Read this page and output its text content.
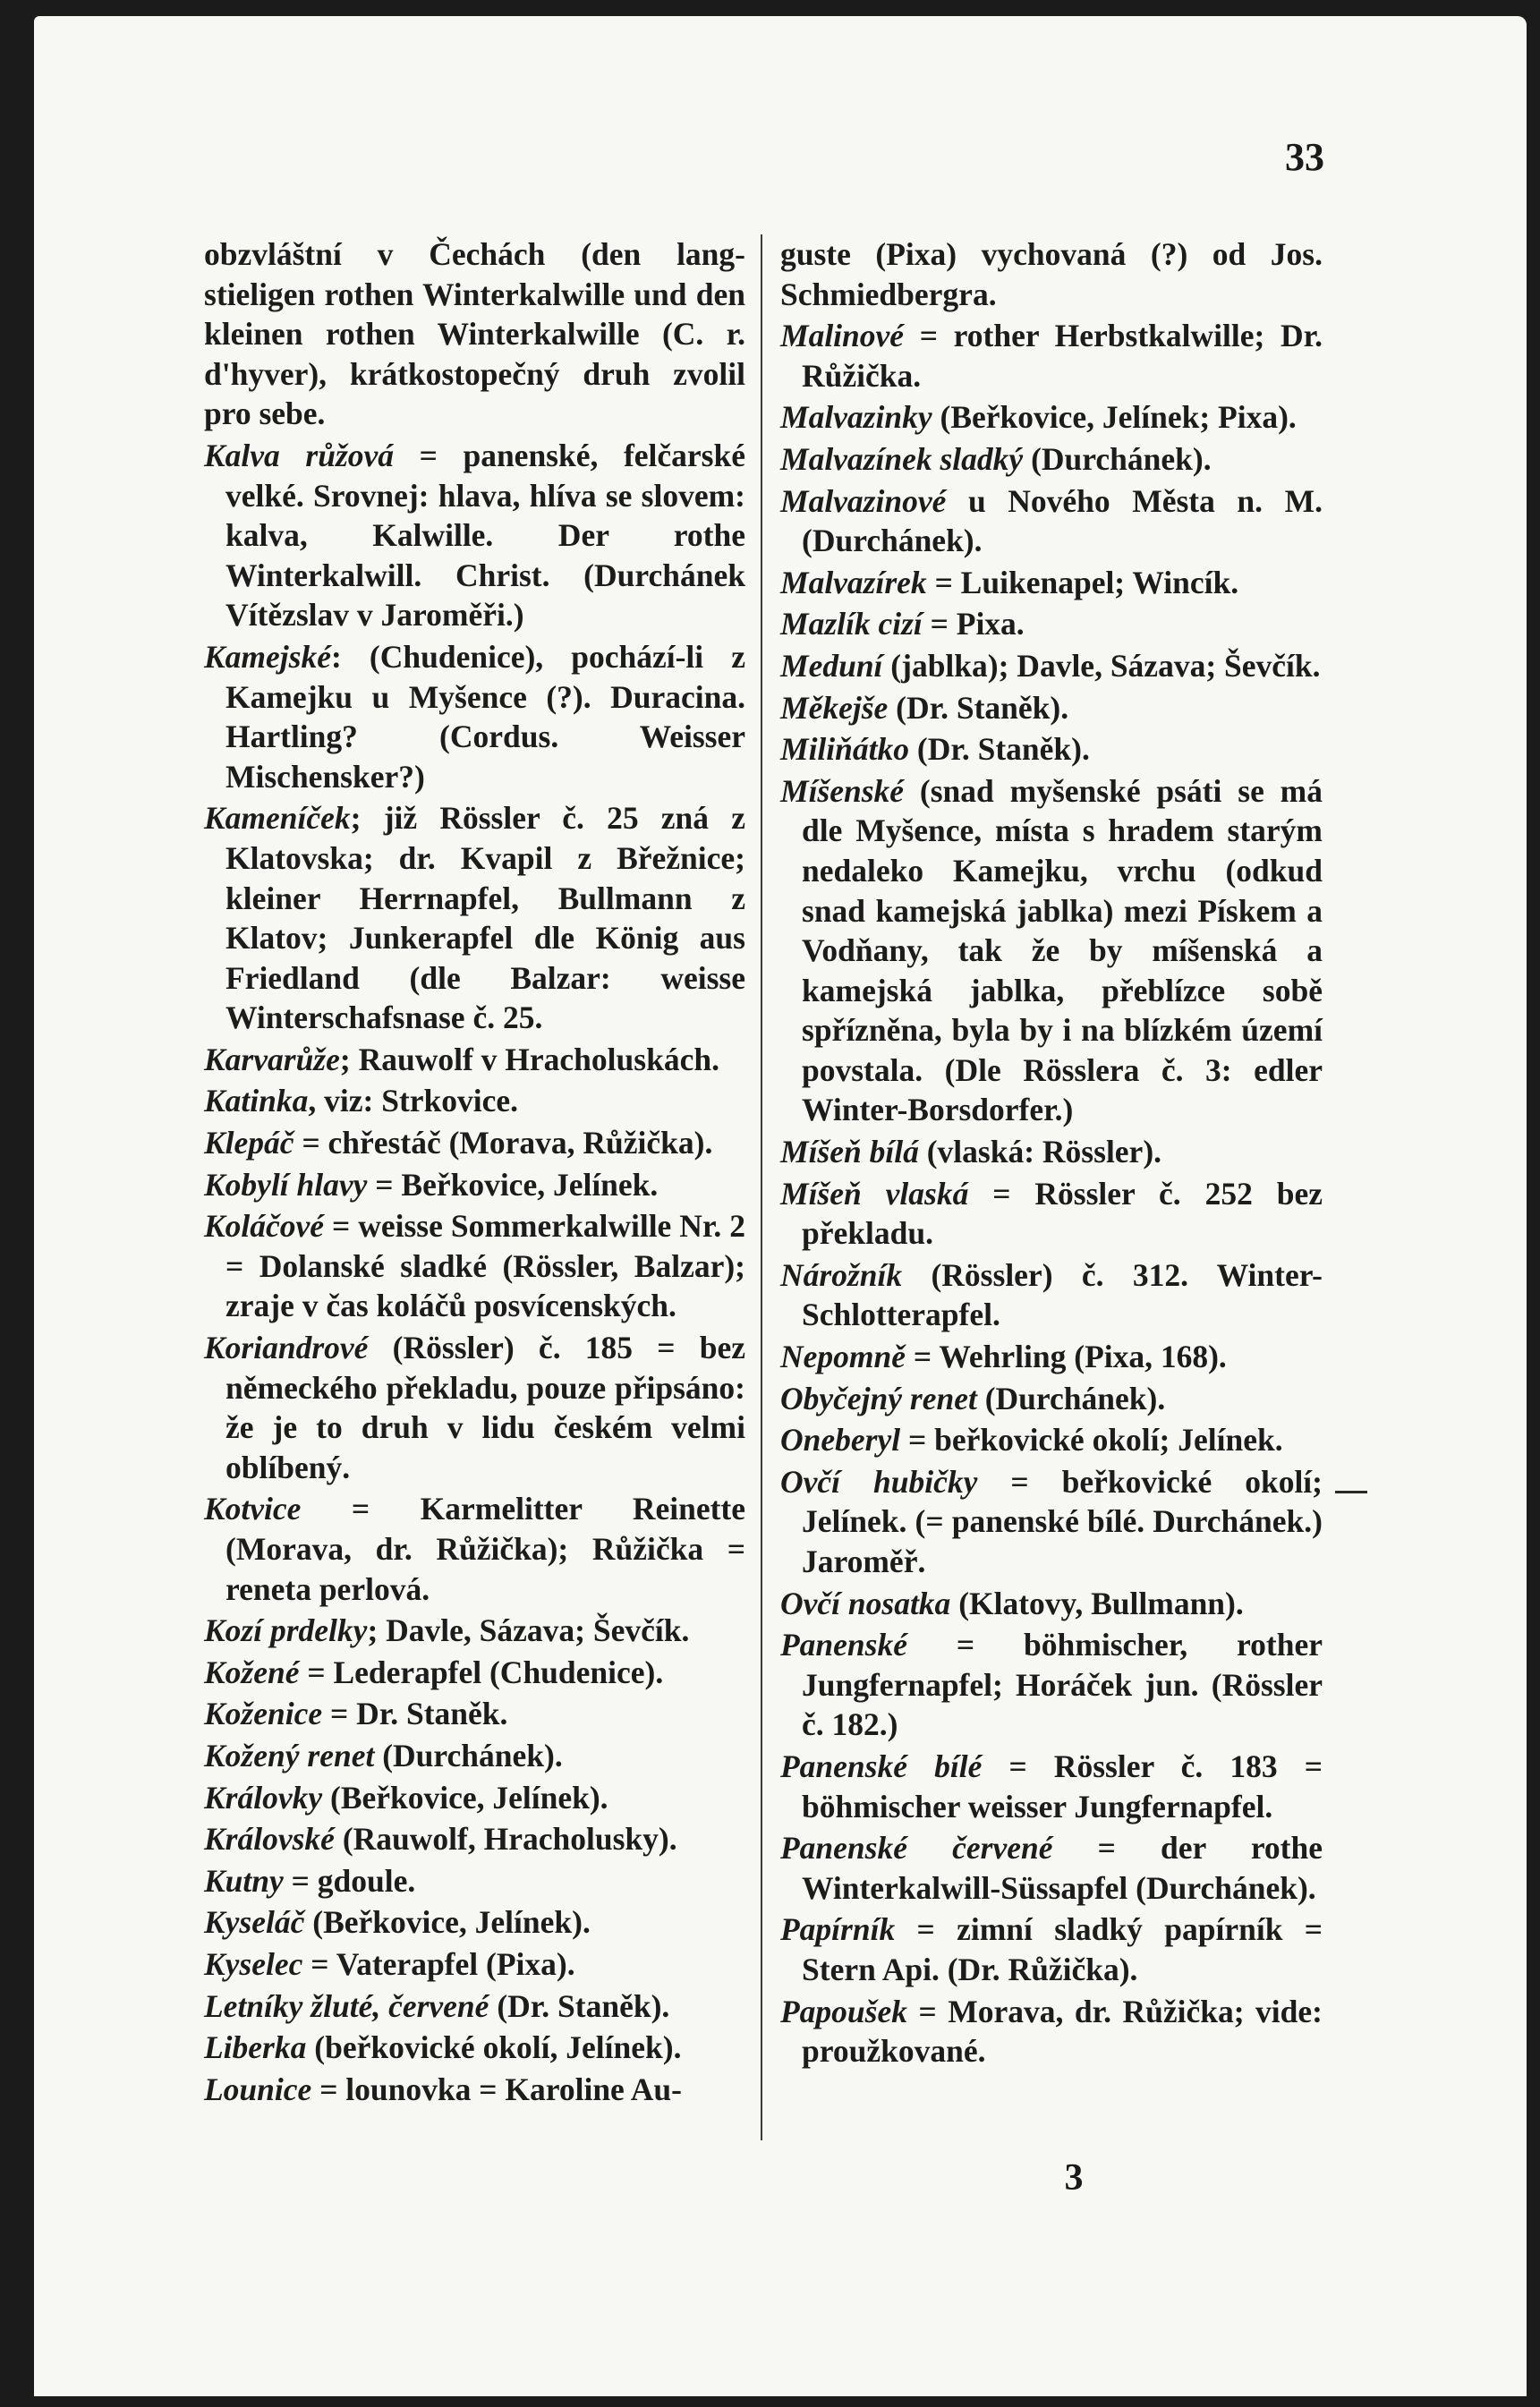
33
obzvláštní v Čechách (den lang-stieligen rothen Winterkalwille und den kleinen rothen Winterkalwille (C. r. d'hyver), krátkostopečný druh zvolil pro sebe.
Kalva růžová = panenské, felčarské velké. Srovnej: hlava, hlíva se slovem: kalva, Kalwille. Der rothe Winterkalwill. Christ. (Durchánek Vítězslav v Jaroměři.)
Kamejské: (Chudenice), pochází-li z Kamejku u Myšence (?). Duracina. Hartling? (Cordus. Weisser Mischensker?)
Kameníček; již Rössler č. 25 zná z Klatovska; dr. Kvapil z Břežnice; kleiner Herrnapfel, Bullmann z Klatov; Junkerapfel dle König aus Friedland (dle Balzar: weisse Winterschafsnase č. 25.
Karvarůže; Rauwolf v Hracholuskách.
Katinka, viz: Strkovice.
Klepáč = chřestáč (Morava, Růžička).
Kobylí hlavy = Beřkovice, Jelínek.
Koláčové = weisse Sommerkalwille Nr. 2 = Dolanské sladké (Rössler, Balzar); zraje v čas koláčů posvícenských.
Koriandrové (Rössler) č. 185 = bez německého překladu, pouze připsáno: že je to druh v lidu českém velmi oblíbený.
Kotvice = Karmelitter Reinette (Morava, dr. Růžička); Růžička = reneta perlová.
Kozí prdelky; Davle, Sázava; Ševčík.
Kožené = Lederapfel (Chudenice).
Koženice = Dr. Staněk.
Kožený renet (Durchánek).
Královky (Beřkovice, Jelínek).
Královské (Rauwolf, Hracholusky).
Kutny = gdoule.
Kyseláč (Beřkovice, Jelínek).
Kyselec = Vaterapfel (Pixa).
Letníky žluté, červené (Dr. Staněk).
Liberka (beřkovické okolí, Jelínek).
Lounice = lounovka = Karoline Au-
guste (Pixa) vychovaná (?) od Jos. Schmiedbergra.
Malinové = rother Herbstkalwille; Dr. Růžička.
Malvazinky (Beřkovice, Jelínek; Pixa).
Malvazínek sladký (Durchánek).
Malvazinové u Nového Města n. M. (Durchánek).
Malvazírek = Luikenapel; Wincík.
Mazlík cizí = Pixa.
Meduní (jablka); Davle, Sázava; Ševčík.
Měkejše (Dr. Staněk).
Miliňátko (Dr. Staněk).
Míšenské (snad myšenské psáti se má dle Myšence, místa s hradem starým nedaleko Kamejku, vrchu (odkud snad kamejská jablka) mezi Pískem a Vodňany, tak že by míšenská a kamejská jablka, přeblízce sobě spřízněna, byla by i na blízkém území povstala. (Dle Rösslera č. 3: edler Winter-Borsdorfer.)
Míšeň bílá (vlaská: Rössler).
Míšeň vlaská = Rössler č. 252 bez překladu.
Nárožník (Rössler) č. 312. Winter-Schlotterapfel.
Nepomně = Wehrling (Pixa, 168).
Obyčejný renet (Durchánek).
Oneberyl = beřkovické okolí; Jelínek.
Ovčí hubičky = beřkovické okolí; Jelínek. (= panenské bílé. Durchánek.) Jaroměř.
Ovčí nosatka (Klatovy, Bullmann).
Panenské = böhmischer, rother Jungfernapfel; Horáček jun. (Rössler č. 182.)
Panenské bílé = Rössler č. 183 = böhmischer weisser Jungfernapfel.
Panenské červené = der rothe Winterkalwill-Süssapfel (Durchánek).
Papírník = zimní sladký papírník = Stern Api. (Dr. Růžička).
Papoušek = Morava, dr. Růžička; vide: proužkované.
3
